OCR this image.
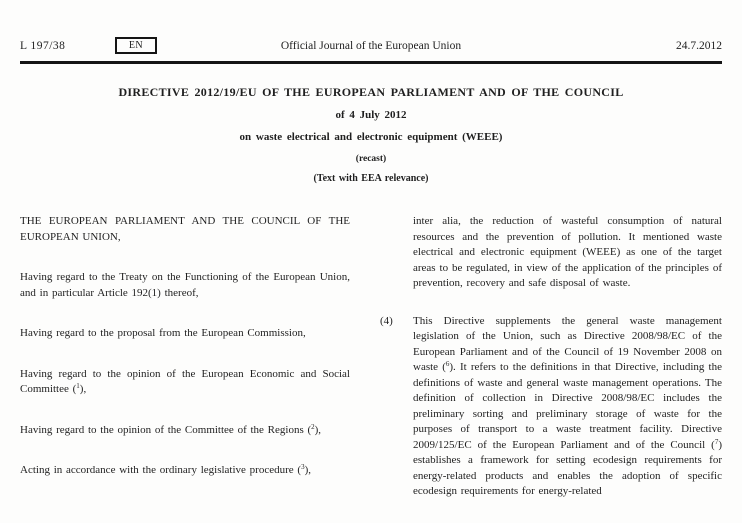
L 197/38	EN	Official Journal of the European Union	24.7.2012
DIRECTIVE 2012/19/EU OF THE EUROPEAN PARLIAMENT AND OF THE COUNCIL
of 4 July 2012
on waste electrical and electronic equipment (WEEE)
(recast)
(Text with EEA relevance)

THE EUROPEAN PARLIAMENT AND THE COUNCIL OF THE EUROPEAN UNION,

Having regard to the Treaty on the Functioning of the European Union, and in particular Article 192(1) thereof,

Having regard to the proposal from the European Commission,

Having regard to the opinion of the European Economic and Social Committee ($^1$),

Having regard to the opinion of the Committee of the Regions ($^2$),

Acting in accordance with the ordinary legislative procedure ($^3$),

inter alia, the reduction of wasteful consumption of natural resources and the prevention of pollution. It mentioned waste electrical and electronic equipment (WEEE) as one of the target areas to be regulated, in view of the application of the principles of prevention, recovery and safe disposal of waste.

(4) This Directive supplements the general waste management legislation of the Union, such as Directive 2008/98/EC of the European Parliament and of the Council of 19 November 2008 on waste ($^6$). It refers to the definitions in that Directive, including the definitions of waste and general waste management operations. The definition of collection in Directive 2008/98/EC includes the preliminary sorting and preliminary storage of waste for the purposes of transport to a waste treatment facility. Directive 2009/125/EC of the European Parliament and of the Council ($^7$) establishes a framework for setting ecodesign requirements for energy-related products and enables the adoption of specific ecodesign requirements for energy-related
